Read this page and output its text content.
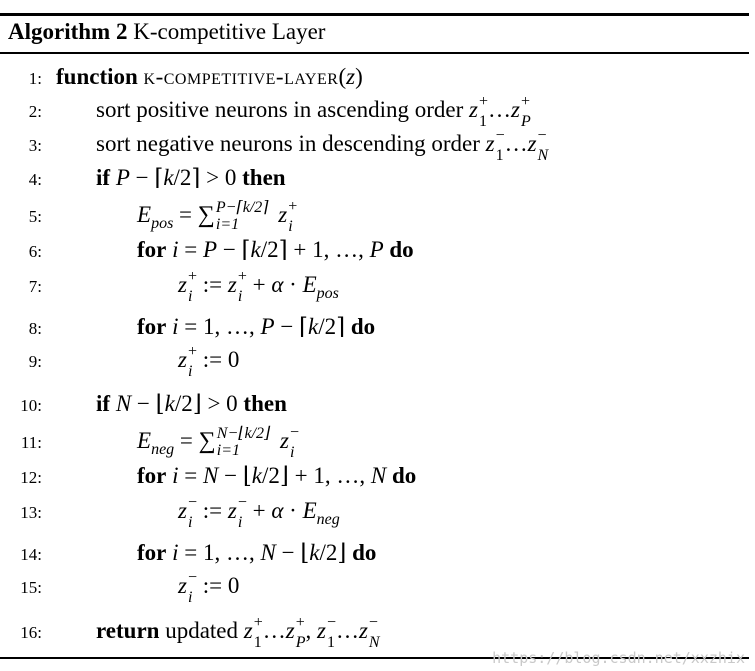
Algorithm 2 K-competitive Layer
1: function k-competitive-layer(z)
2: sort positive neurons in ascending order z +
1 …z +
P
3: sort negative neurons in descending order z −
1 …z −
N
4: if P − ⌈k/2⌉ > 0 then
5:	$E_{pos}$ = ∑ P−⌈k/2⌉
i=1	z +
i
6:	for i = P − ⌈k/2⌉ + 1, …, P do
7:	z +
i := z +
$i + \alpha \cdot E_{pos}$
8:	for i = 1, …, P − ⌈k/2⌉ do
9:	z +
i := 0
10: if N − ⌊k/2⌋ > 0 then
11:	$E_{neg}$ = ∑ N−⌊k/2⌋
i=1	z −
i
12:	for i = N − ⌊k/2⌋ + 1, …, N do
13:	z −
i := z −
$i + \alpha \cdot E_{neg}$
14:	for i = 1, …, N − ⌊k/2⌋ do
15:	z −
i := 0
16: return updated z +
1 …z +
P , z −
1 …z −
N
https://blog.csdn.net/xxzhix
